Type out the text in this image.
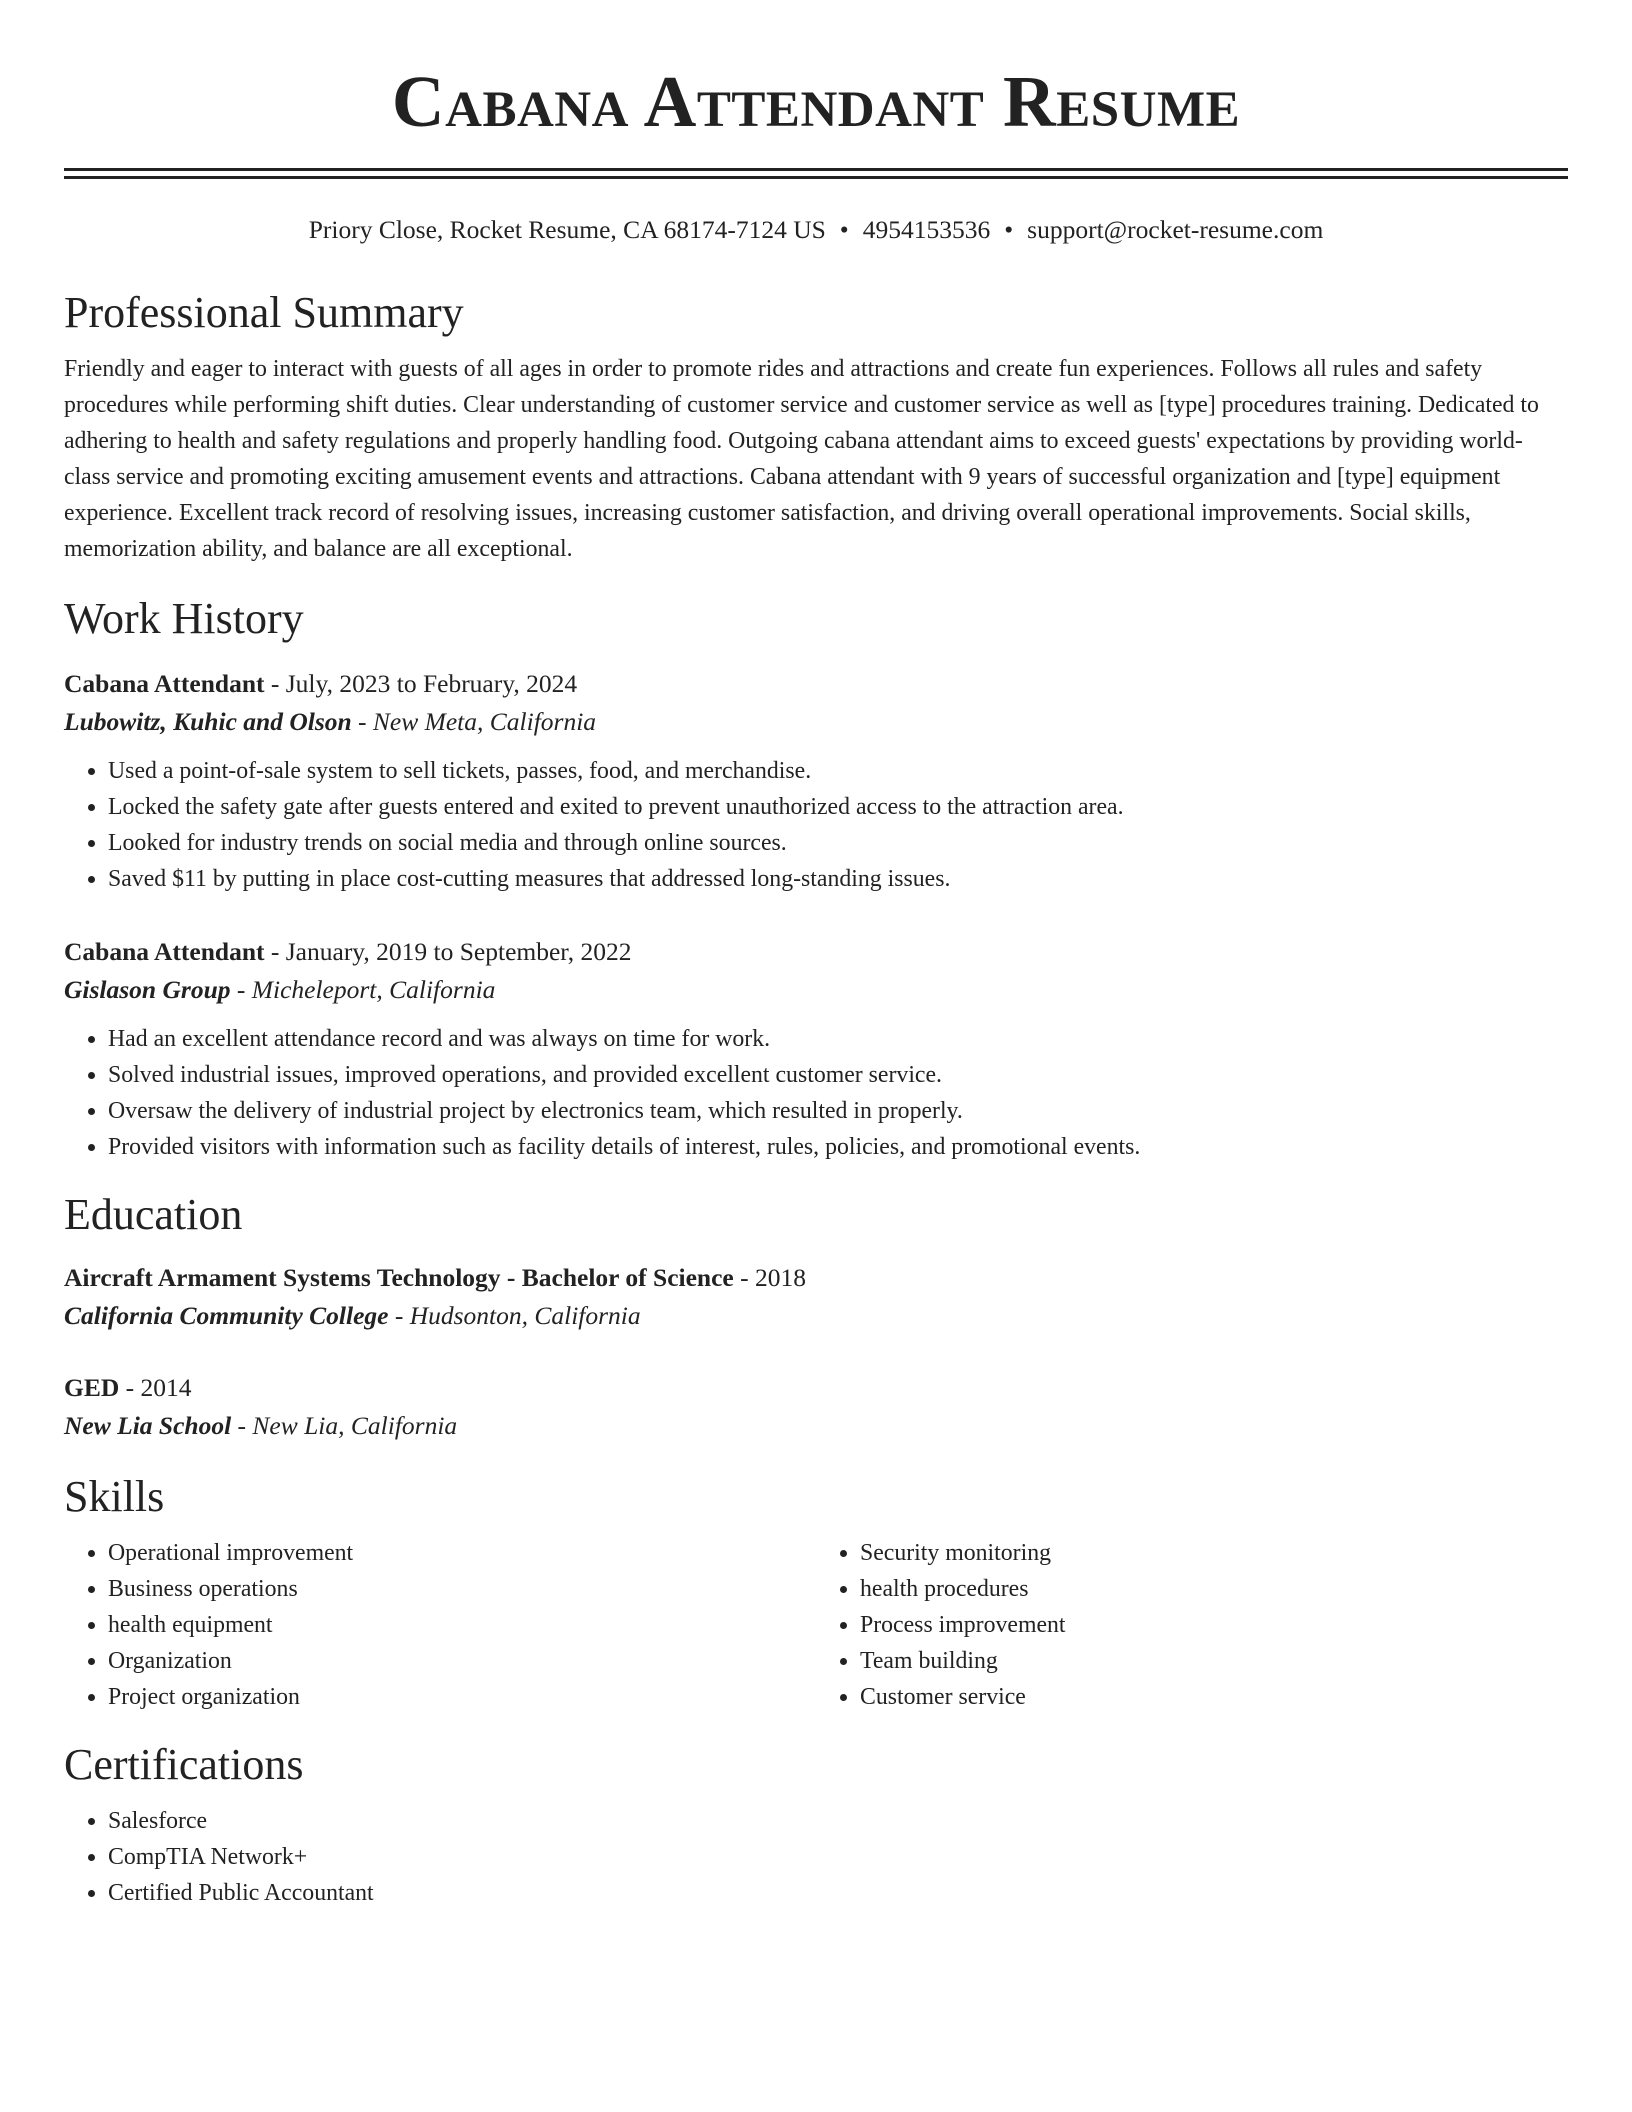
Cabana Attendant Resume
Priory Close, Rocket Resume, CA 68174-7124 US • 4954153536 • support@rocket-resume.com
Professional Summary

Friendly and eager to interact with guests of all ages in order to promote rides and attractions and create fun experiences. Follows all rules and safety procedures while performing shift duties. Clear understanding of customer service and customer service as well as [type] procedures training. Dedicated to adhering to health and safety regulations and properly handling food. Outgoing cabana attendant aims to exceed guests' expectations by providing world-class service and promoting exciting amusement events and attractions. Cabana attendant with 9 years of successful organization and [type] equipment experience. Excellent track record of resolving issues, increasing customer satisfaction, and driving overall operational improvements. Social skills, memorization ability, and balance are all exceptional.

Work History
Cabana Attendant - July, 2023 to February, 2024
Lubowitz, Kuhic and Olson - New Meta, California
• Used a point-of-sale system to sell tickets, passes, food, and merchandise.
• Locked the safety gate after guests entered and exited to prevent unauthorized access to the attraction area.
• Looked for industry trends on social media and through online sources.
• Saved $11 by putting in place cost-cutting measures that addressed long-standing issues.
Cabana Attendant - January, 2019 to September, 2022
Gislason Group - Micheleport, California
• Had an excellent attendance record and was always on time for work.
• Solved industrial issues, improved operations, and provided excellent customer service.
• Oversaw the delivery of industrial project by electronics team, which resulted in properly.
• Provided visitors with information such as facility details of interest, rules, policies, and promotional events.
Education
Aircraft Armament Systems Technology - Bachelor of Science - 2018
California Community College - Hudsonton, California
GED - 2014
New Lia School - New Lia, California
Skills
• Operational improvement
• Business operations
• health equipment
• Organization
• Project organization
• Security monitoring
• health procedures
• Process improvement
• Team building
• Customer service
Certifications
• Salesforce
• CompTIA Network+
• Certified Public Accountant
